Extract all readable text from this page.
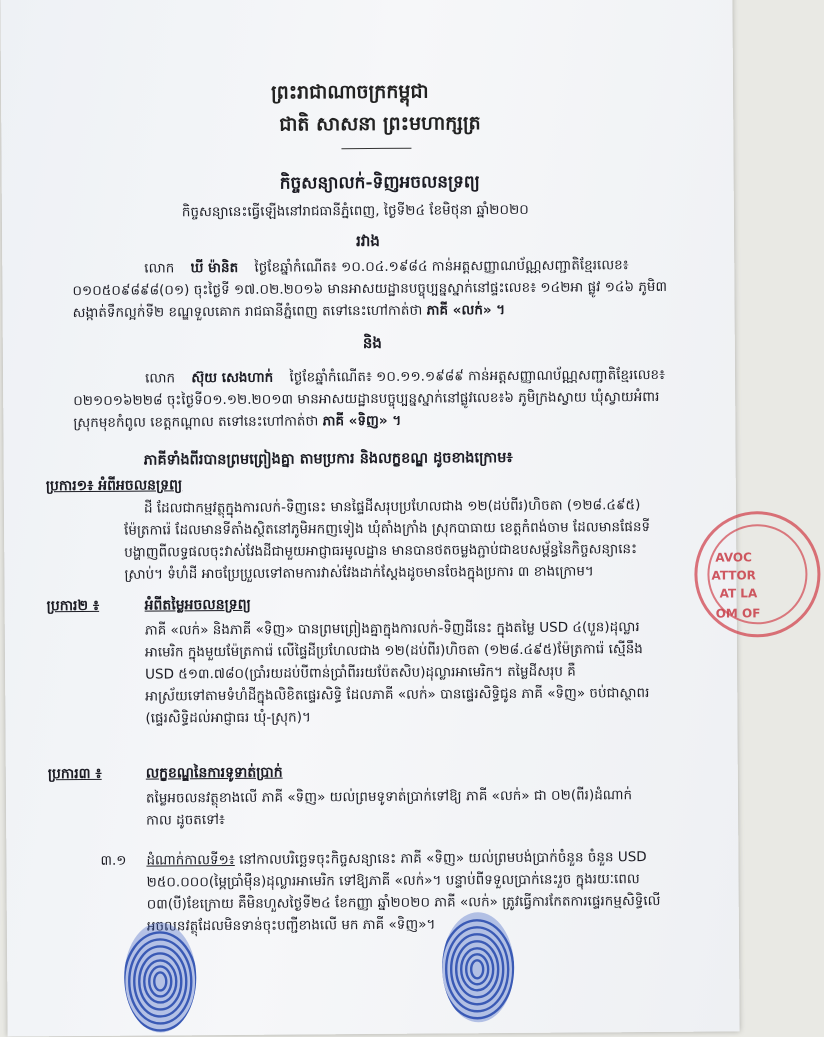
ព្រះរាជាណាចក្រកម្ពុជា
ជាតិ សាសនា ព្រះមហាក្សត្រ
កិច្ចសន្យាលក់-ទិញអចលនទ្រព្យ
កិច្ចសន្យានេះធ្វើឡើងនៅរាជធានីភ្នំពេញ, ថ្ងៃទី២៤ ខែមិថុនា ឆ្នាំ២០២០
រវាង
លោក ឃី ម៉ានិត ថ្ងៃខែឆ្នាំកំណើត៖ ១០.០៤.១៩៨៤ កាន់អត្តសញ្ញាណប័ណ្ណសញ្ជាតិខ្មែរលេខ៖
០១០៥០៩៨៩៨(០១) ចុះថ្ងៃទី ១៧.០២.២០១៦ មានអាសយដ្ឋានបច្ចុប្បន្នស្នាក់នៅផ្ទះលេខ៖ ១៤២អា ផ្លូវ ១៤៦ ភូមិ៣
សង្កាត់ទឹកល្អក់ទី២ ខណ្ឌទួលគោក រាជធានីភ្នំពេញ តទៅនេះហៅកាត់ថា ភាគី «លក់» ។
និង
លោក ស៊ុយ សេងហាក់ ថ្ងៃខែឆ្នាំកំណើត៖ ១០.១១.១៩៨៩ កាន់អត្តសញ្ញាណប័ណ្ណសញ្ជាតិខ្មែរលេខ៖
០២១០១៦២២៨ ចុះថ្ងៃទី០១.១២.២០១៣ មានអាសយដ្ឋានបច្ចុប្បន្នស្នាក់នៅផ្លូវលេខ៖៦ ភូមិក្រងស្វាយ ឃុំស្វាយអំពារ
ស្រុកមុខកំពូល ខេត្តកណ្ដាល តទៅនេះហៅកាត់ថា ភាគី «ទិញ» ។
ភាគីទាំងពីរបានព្រមព្រៀងគ្នា តាមប្រការ និងលក្ខខណ្ឌ ដូចខាងក្រោម៖
ប្រការ១៖ អំពីអចលនទ្រព្យ
ដី ដែលជាកម្មវត្ថុក្នុងការលក់-ទិញនេះ មានផ្ទៃដីសរុបប្រហែលជាង ១២(ដប់ពីរ)ហិចតា (១២៨.៤៩៥)
ម៉ែត្រការ៉េ ដែលមានទីតាំងស្ថិតនៅភូមិអកញទៀង ឃុំតាំងក្រាំង ស្រុកបាធាយ ខេត្តកំពង់ចាម ដែលមានផែនទី
បង្ហាញពីលទ្ធផលចុះវាស់វែងដីជាមួយអាជ្ញាធរមូលដ្ឋាន មានបានថតចម្លងភ្ជាប់ជាឧបសម្ព័ន្ធនៃកិច្ចសន្យានេះ
ស្រាប់។ ទំហំដី អាចប្រែប្រួលទៅតាមការវាស់វែងដាក់ស្តែងដូចមានចែងក្នុងប្រការ ៣ ខាងក្រោម។
ប្រការ២ ៖	អំពីតម្លៃអចលនទ្រព្យ
ភាគី «លក់» និងភាគី «ទិញ» បានព្រមព្រៀងគ្នាក្នុងការលក់-ទិញដីនេះ ក្នុងតម្លៃ USD ៤(បួន)ដុល្លារ
អាមេរិក ក្នុងមួយម៉ែត្រការ៉េ លើផ្ទៃដីប្រហែលជាង ១២(ដប់ពីរ)ហិចតា (១២៨.៤៩៥)ម៉ែត្រការ៉េ ស្មើនឹង
USD ៥១៣.៧៨០(ប្រាំរយដប់បីពាន់ប្រាំពីររយប៉ែតសិប)ដុល្លារអាមេរិក។ តម្លៃដីសរុប គឺ
អាស្រ័យទៅតាមទំហំដីក្នុងលិខិតផ្ទេរសិទ្ធិ ដែលភាគី «លក់» បានផ្ទេរសិទ្ធិជូន ភាគី «ទិញ» ចប់ជាស្ថាពរ
(ផ្ទេរសិទ្ធិដល់អាជ្ញាធរ ឃុំ-ស្រុក)។
ប្រការ៣ ៖	លក្ខខណ្ឌនៃការទូទាត់ប្រាក់
តម្លៃអចលនវត្ថុខាងលើ ភាគី «ទិញ» យល់ព្រមទូទាត់ប្រាក់ទៅឱ្យ ភាគី «លក់» ជា ០២(ពីរ)ដំណាក់
កាល ដូចតទៅ៖
៣.១ ដំណាក់កាលទី១៖ នៅកាលបរិច្ឆេទចុះកិច្ចសន្យានេះ ភាគី «ទិញ» យល់ព្រមបង់ប្រាក់ចំនួន ចំនួន USD
២៥០.០០០(ម្ភៃប្រាំម៉ឺន)ដុល្លារអាមេរិក ទៅឱ្យភាគី «លក់»។ បន្ទាប់ពីទទួលប្រាក់នេះរួច ក្នុងរយៈពេល
០៣(បី)ខែក្រោយ គឺមិនហួសថ្ងៃទី២៤ ខែកញ្ញា ឆ្នាំ២០២០ ភាគី «លក់» ត្រូវធ្វើការកែតការផ្ទេរកម្មសិទ្ធិលើ
អចលនវត្ថុដែលមិនទាន់ចុះបញ្ជីខាងលើ មក ភាគី «ទិញ»។
AVOC
ATTOR
AT LA
OM OF
